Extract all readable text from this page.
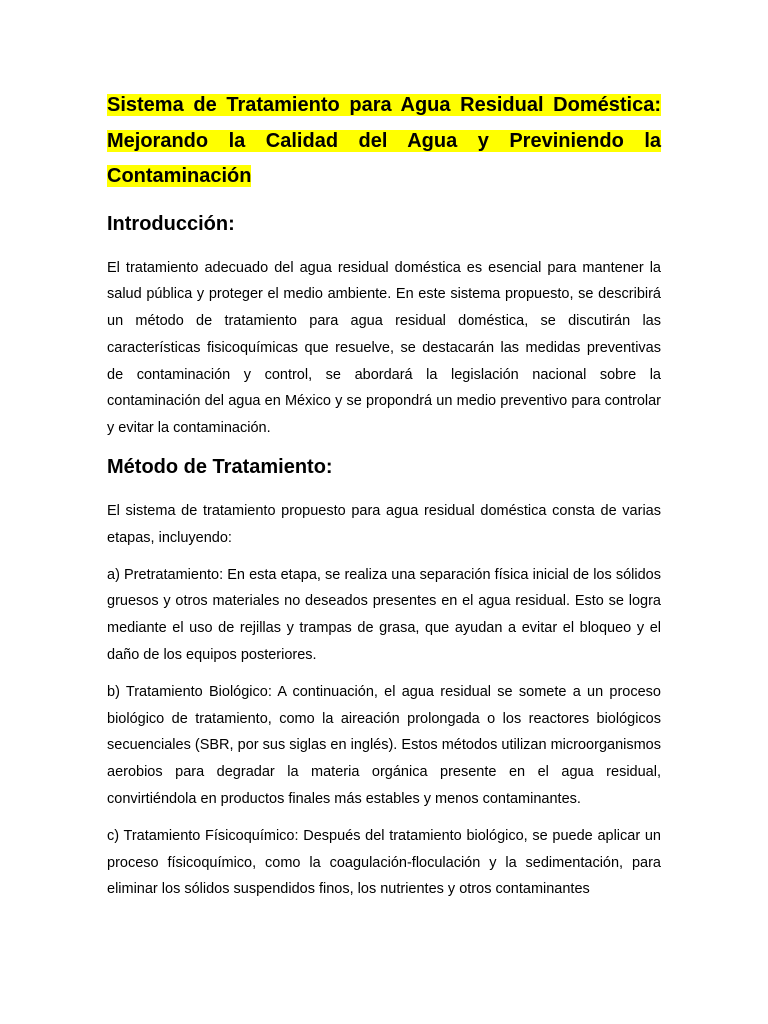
Sistema de Tratamiento para Agua Residual Doméstica: Mejorando la Calidad del Agua y Previniendo la Contaminación
Introducción:

El tratamiento adecuado del agua residual doméstica es esencial para mantener la salud pública y proteger el medio ambiente. En este sistema propuesto, se describirá un método de tratamiento para agua residual doméstica, se discutirán las características fisicoquímicas que resuelve, se destacarán las medidas preventivas de contaminación y control, se abordará la legislación nacional sobre la contaminación del agua en México y se propondrá un medio preventivo para controlar y evitar la contaminación.

Método de Tratamiento:

El sistema de tratamiento propuesto para agua residual doméstica consta de varias etapas, incluyendo:

a) Pretratamiento: En esta etapa, se realiza una separación física inicial de los sólidos gruesos y otros materiales no deseados presentes en el agua residual. Esto se logra mediante el uso de rejillas y trampas de grasa, que ayudan a evitar el bloqueo y el daño de los equipos posteriores.

b) Tratamiento Biológico: A continuación, el agua residual se somete a un proceso biológico de tratamiento, como la aireación prolongada o los reactores biológicos secuenciales (SBR, por sus siglas en inglés). Estos métodos utilizan microorganismos aerobios para degradar la materia orgánica presente en el agua residual, convirtiéndola en productos finales más estables y menos contaminantes.

c) Tratamiento Físicoquímico: Después del tratamiento biológico, se puede aplicar un proceso físicoquímico, como la coagulación-floculación y la sedimentación, para eliminar los sólidos suspendidos finos, los nutrientes y otros contaminantes
